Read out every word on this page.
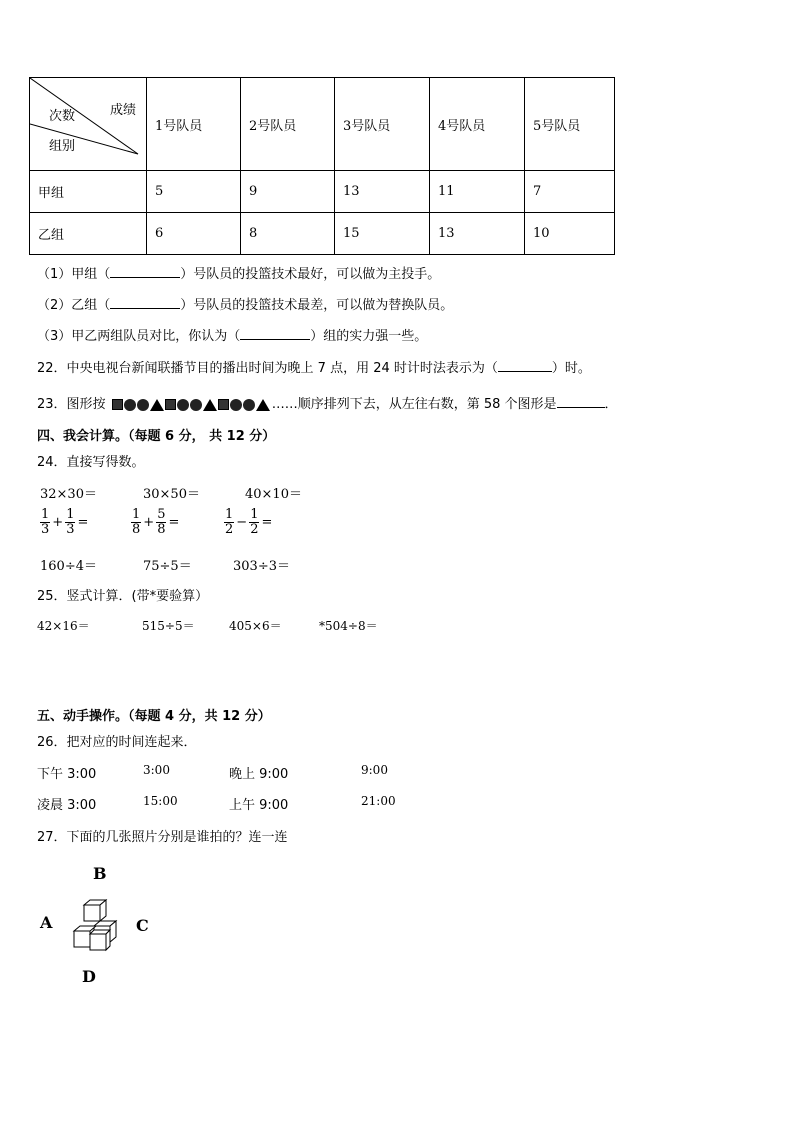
成绩
次数
组别	1号队员	2号队员	3号队员	4号队员	5号队员
甲组	5	9	13	11	7
乙组	6	8	15	13	10
（1）甲组（	）号队员的投篮技术最好，可以做为主投手。
（2）乙组（	）号队员的投篮技术最差，可以做为替换队员。
（3）甲乙两组队员对比，你认为（	）组的实力强一些。
22．中央电视台新闻联播节目的播出时间为晚上 7 点，用 24 时计时法表示为（	）时。
23．图形按	……顺序排列下去，从左往右数，第 58 个图形是	．
四、我会计算。（每题 6 分， 共 12 分）
24．直接写得数。
32×30＝	30×50＝	40×10＝
$\frac{1}{3} + \frac{1}{3}$ =	$\frac{1}{8} + \frac{5}{8}$ =	$\frac{1}{2} - \frac{1}{2}$ =
160÷4＝	75÷5＝	303÷3＝
25．竖式计算．(带*要验算）
42×16＝	515÷5＝	405×6＝	*504÷8＝
五、动手操作。（每题 4 分，共 12 分）
26．把对应的时间连起来．
下午 3:00	3:00	晚上 9:00	9:00
凌晨 3:00	15:00	上午 9:00	21:00
27．下面的几张照片分别是谁拍的？连一连
B
A	C
D
